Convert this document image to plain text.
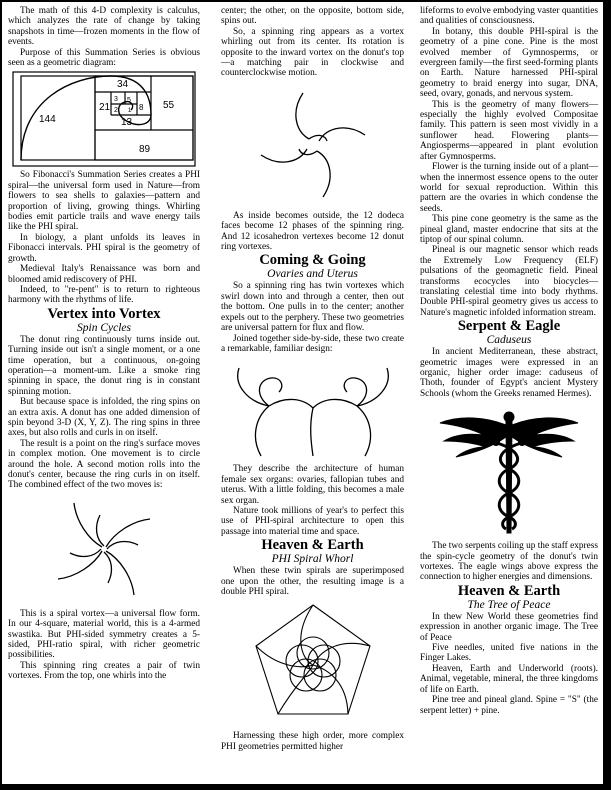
The math of this 4-D complexity is calculus, which analyzes the rate of change by taking snapshots in time—frozen moments in the flow of events.

Purpose of this Summation Series is obvious seen as a geometric diagram:

144
89
55
34
21
13
8
5
3
2 1

So Fibonacci's Summation Series creates a PHI spiral—the universal form used in Nature—from flowers to sea shells to galaxies—pattern and proportion of living, growing things. Whirling bodies emit particle trails and wave energy tails like the PHI spiral.

In biology, a plant unfolds its leaves in Fibonacci intervals. PHI spiral is the geometry of growth.

Medieval Italy's Renaissance was born and bloomed amid rediscovery of PHI.

Indeed, to "re-pent" is to return to righteous harmony with the rhythms of life.

Vertex into Vortex
Spin Cycles

The donut ring continuously turns inside out. Turning inside out isn't a single moment, or a one time operation, but a continuous, on-going operation—a moment-um. Like a smoke ring spinning in space, the donut ring is in constant spinning motion.

But because space is infolded, the ring spins on an extra axis. A donut has one added dimension of spin beyond 3-D (X, Y, Z). The ring spins in three axes, but also rolls and curls in on itself.

The result is a point on the ring's surface moves in complex motion. One movement is to circle around the hole. A second motion rolls into the donut's center, because the ring curls in on itself. The combined effect of the two moves is:

This is a spiral vortex—a universal flow form. In our 4-square, material world, this is a 4-armed swastika. But PHI-sided symmetry creates a 5-sided, PHI-ratio spiral, with richer geometric possibilities.

This spinning ring creates a pair of twin vortexes. From the top, one whirls into the

center; the other, on the opposite, bottom side, spins out.

So, a spinning ring appears as a vortex whirling out from its center. Its rotation is opposite to the inward vortex on the donut's top—a matching pair in clockwise and counterclockwise motion.

As inside becomes outside, the 12 dodeca faces become 12 phases of the spinning ring. And 12 icosahedron vertexes become 12 donut ring vortexes.

Coming & Going
Ovaries and Uterus

So a spinning ring has twin vortexes which swirl down into and through a center, then out the bottom. One pulls in to the center; another expels out to the perphery. These two geometries are universal pattern for flux and flow.

Joined together side-by-side, these two create a remarkable, familiar design:

They describe the architecture of human female sex organs: ovaries, fallopian tubes and uterus. With a little folding, this becomes a male sex organ.

Nature took millions of year's to perfect this use of PHI-spiral architecture to open this passage into material time and space.

Heaven & Earth
PHI Spiral Whorl

When these twin spirals are superimposed one upon the other, the resulting image is a double PHI spiral.

Harnessing these high order, more complex PHI geometries permitted higher

lifeforms to evolve embodying vaster quantities and qualities of consciousness.

In botany, this double PHI-spiral is the geometry of a pine cone. Pine is the most evolved member of Gymnosperms, or evergreen family—the first seed-forming plants on Earth. Nature harnessed PHI-spiral geometry to braid energy into sugar, DNA, seed, ovary, gonads, and nervous system.

This is the geometry of many flowers—especially the highly evolved Compositae family. This pattern is seen most vividly in a sunflower head. Flowering plants—Angiosperms—appeared in plant evolution after Gymnosperms.

Flower is the turning inside out of a plant—when the innermost essence opens to the outer world for sexual reproduction. Within this pattern are the ovaries in which condense the seeds.

This pine cone geometry is the same as the pineal gland, master endocrine that sits at the tiptop of our spinal column.

Pineal is our magnetic sensor which reads the Extremely Low Frequency (ELF) pulsations of the geomagnetic field. Pineal transforms ecocycles into biocycles—translating celestial time into body rhythms. Double PHI-spiral geometry gives us access to Nature's magnetic infolded information stream.

Serpent & Eagle
Caduseus

In ancient Mediterranean, these abstract, geometric images were expressed in an organic, higher order image: caduseus of Thoth, founder of Egypt's ancient Mystery Schools (whom the Greeks renamed Hermes).

The two serpents coiling up the staff express the spin-cycle geometry of the donut's twin vortexes. The eagle wings above express the connection to higher energies and dimensions.

Heaven & Earth
The Tree of Peace

In thew New World these geometries find expression in another organic image. The Tree of Peace

Five needles, united five nations in the Finger Lakes.

Heaven, Earth and Underworld (roots). Animal, vegetable, mineral, the three kingdoms of life on Earth.

Pine tree and pineal gland. Spine = "S" (the serpent letter) + pine.
